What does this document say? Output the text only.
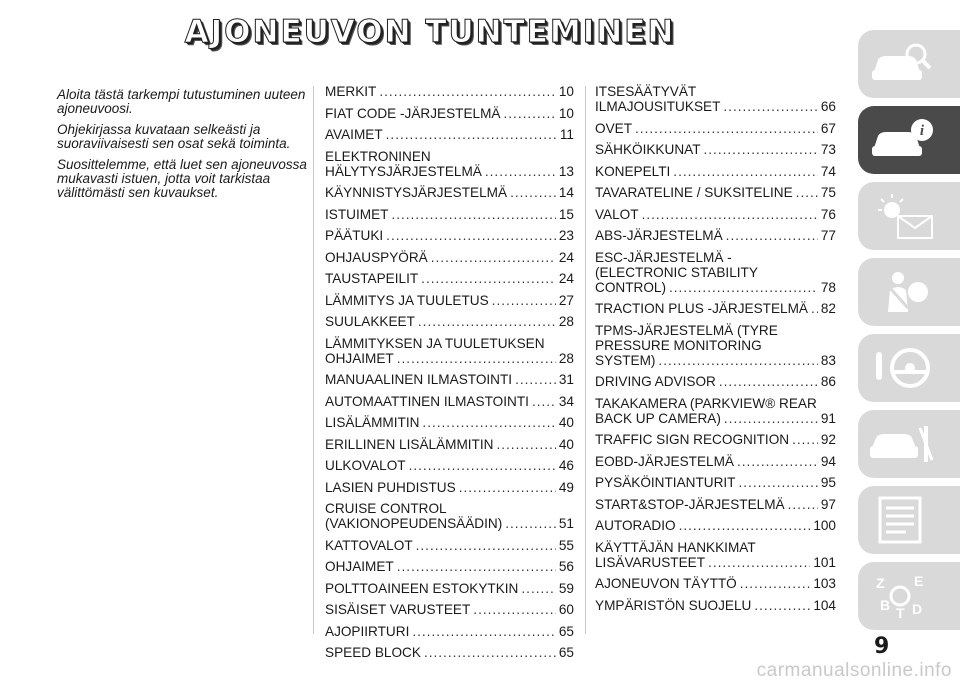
AJONEUVON TUNTEMINEN

Aloita tästä tarkempi tutustuminen uuteen ajoneuvoosi.

Ohjekirjassa kuvataan selkeästi ja suoraviivaisesti sen osat sekä toiminta.

Suosittelemme, että luet sen ajoneuvossa mukavasti istuen, jotta voit tarkistaa välittömästi sen kuvaukset.

MERKIT .....	10
FIAT CODE -JÄRJESTELMÄ .....	10
AVAIMET .....	11
ELEKTRONINEN
HÄLYTYSJÄRJESTELMÄ .....	13
KÄYNNISTYSJÄRJESTELMÄ .....	14
ISTUIMET .....	15
PÄÄTUKI .....	23
OHJAUSPYÖRÄ .....	24
TAUSTAPEILIT .....	24
LÄMMITYS JA TUULETUS .....	27
SUULAKKEET .....	28
LÄMMITYKSEN JA TUULETUKSEN
OHJAIMET .....	28
MANUAALINEN ILMASTOINTI .....	31
AUTOMAATTINEN ILMASTOINTI ..... 34
LISÄLÄMMITIN .....	40
ERILLINEN LISÄLÄMMITIN .....	40
ULKOVALOT .....	46
LASIEN PUHDISTUS .....	49
CRUISE CONTROL
(VAKIONOPEUDENSÄÄDIN) .....	51
KATTOVALOT .....	55
OHJAIMET .....	56
POLTTOAINEEN ESTOKYTKIN .....	59
SISÄISET VARUSTEET .....	60
AJOPIIRTURI .....	65
SPEED BLOCK .....	65
ITSESÄÄTYVÄT
ILMAJOUSITUKSET .....	66
OVET .....	67
SÄHKÖIKKUNAT .....	73
KONEPELTI .....	74
TAVARATELINE / SUKSITELINE ..... 75
VALOT .....	76
ABS-JÄRJESTELMÄ .....	77
ESC-JÄRJESTELMÄ -
(ELECTRONIC STABILITY
CONTROL) .....	78
TRACTION PLUS -JÄRJESTELMÄ ..... 82
TPMS-JÄRJESTELMÄ (TYRE
PRESSURE MONITORING
SYSTEM) .....	83
DRIVING ADVISOR .....	86
TAKAKAMERA (PARKVIEW® REAR
BACK UP CAMERA) .....	91
TRAFFIC SIGN RECOGNITION ..... 92
EOBD-JÄRJESTELMÄ .....	94
PYSÄKÖINTIANTURIT .....	95
START&STOP-JÄRJESTELMÄ .....	97
AUTORADIO .....	100
KÄYTTÄJÄN HANKKIMAT
LISÄVARUSTEET .....	101
AJONEUVON TÄYTTÖ .....	103
YMPÄRISTÖN SUOJELU .....	104
i
Z E
B D
T
9
carmanualsonline.info
